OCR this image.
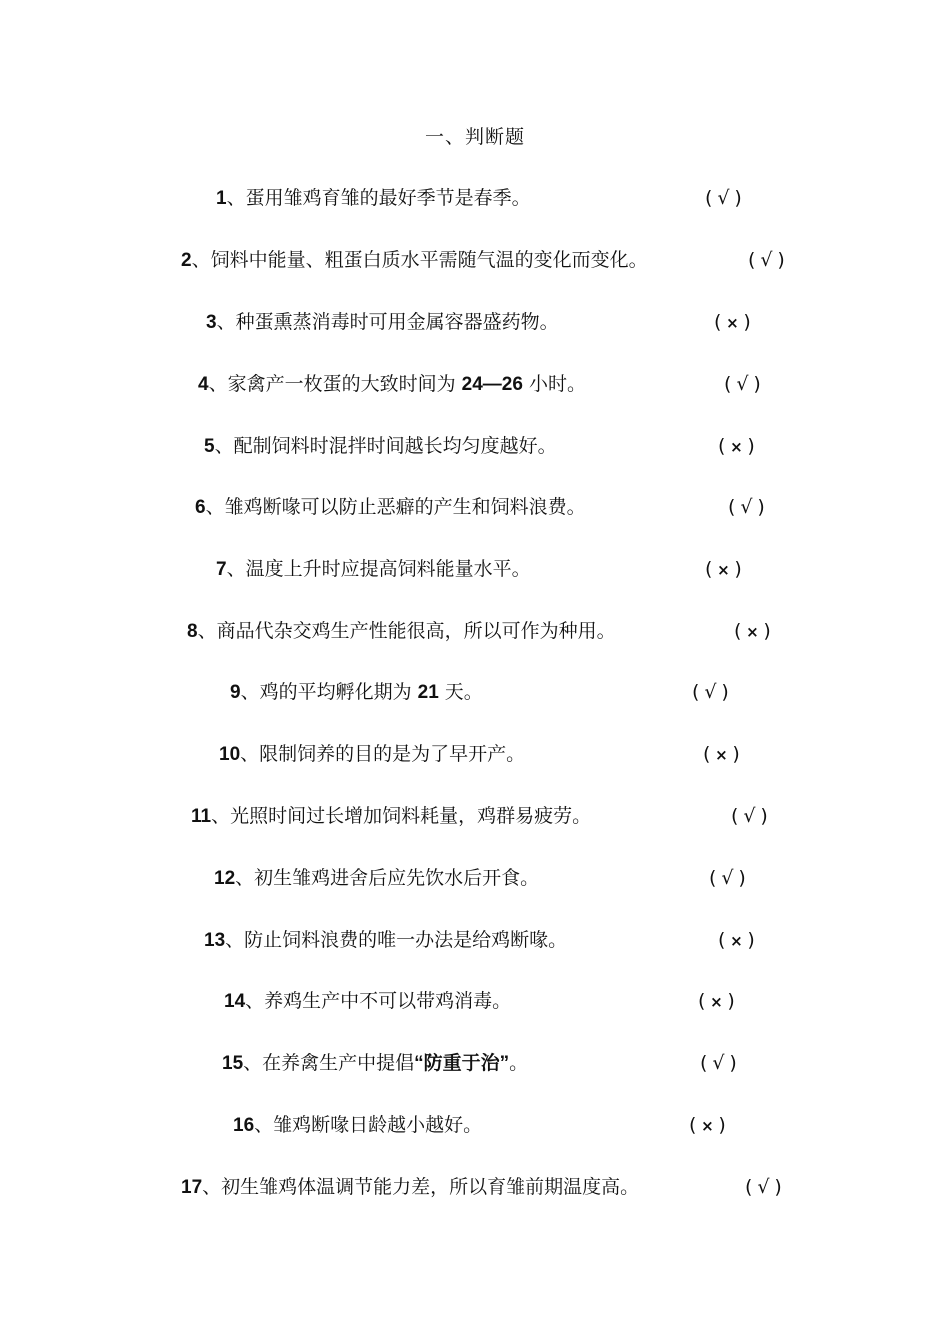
一、判断题
1、蛋用雏鸡育雏的最好季节是春季。	( √ )
2、饲料中能量、粗蛋白质水平需随气温的变化而变化。	( √ )
3、种蛋熏蒸消毒时可用金属容器盛药物。	( × )
4、家禽产一枚蛋的大致时间为 24—26 小时。	( √ )
5、配制饲料时混拌时间越长均匀度越好。	( × )
6、雏鸡断喙可以防止恶癖的产生和饲料浪费。	( √ )
7、温度上升时应提高饲料能量水平。	( × )
8、商品代杂交鸡生产性能很高，所以可作为种用。	( × )
9、鸡的平均孵化期为 21 天。	( √ )
10、限制饲养的目的是为了早开产。	( × )
11、光照时间过长增加饲料耗量，鸡群易疲劳。	( √ )
12、初生雏鸡进舍后应先饮水后开食。	( √ )
13、防止饲料浪费的唯一办法是给鸡断喙。	( × )
14、养鸡生产中不可以带鸡消毒。	( × )
15、在养禽生产中提倡“防重于治”。	( √ )
16、雏鸡断喙日龄越小越好。	( × )
17、初生雏鸡体温调节能力差，所以育雏前期温度高。	( √ )
